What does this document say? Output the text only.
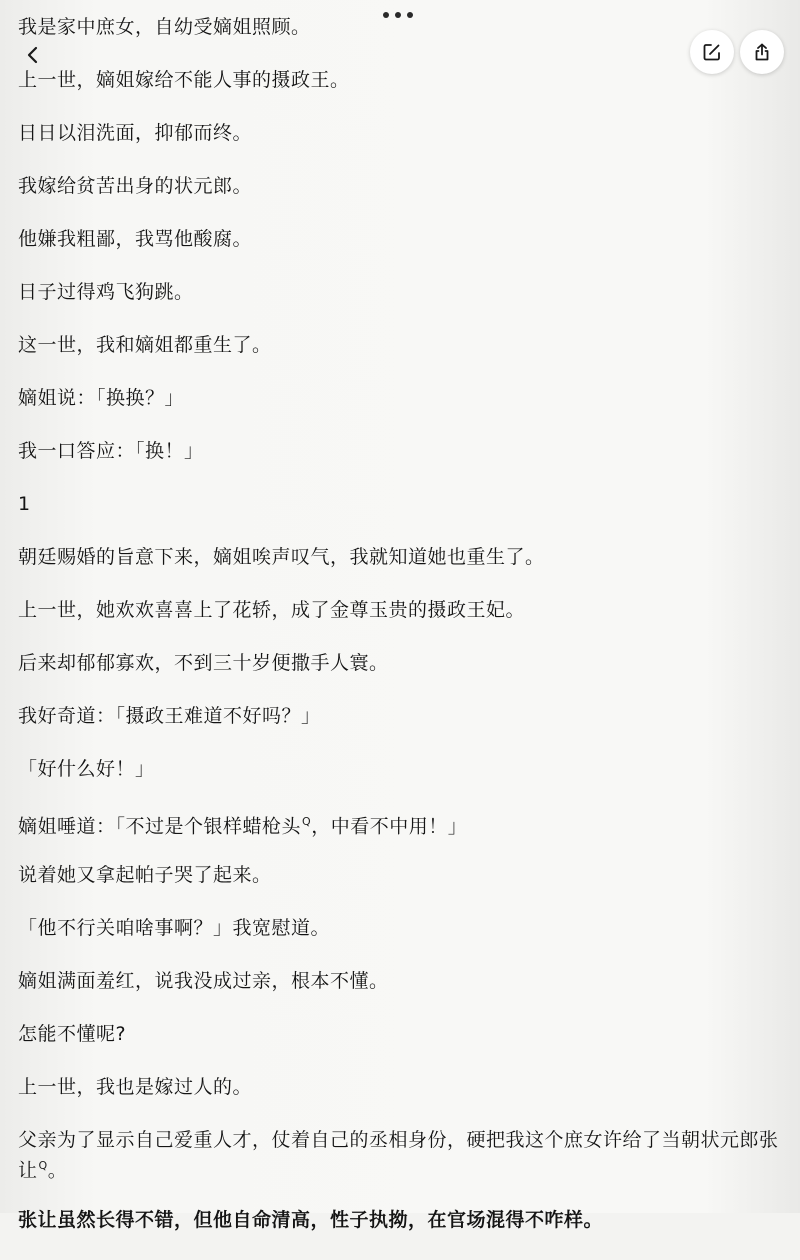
我是家中庶女，自幼受嫡姐照顾。

上一世，嫡姐嫁给不能人事的摄政王。

日日以泪洗面，抑郁而终。

我嫁给贫苦出身的状元郎。

他嫌我粗鄙，我骂他酸腐。

日子过得鸡飞狗跳。

这一世，我和嫡姐都重生了。

嫡姐说：「换换？」

我一口答应：「换！」

1

朝廷赐婚的旨意下来，嫡姐唉声叹气，我就知道她也重生了。

上一世，她欢欢喜喜上了花轿，成了金尊玉贵的摄政王妃。

后来却郁郁寡欢，不到三十岁便撒手人寰。

我好奇道：「摄政王难道不好吗？」

「好什么好！」

嫡姐唾道：「不过是个银样蜡枪头$^Q$，中看不中用！」

说着她又拿起帕子哭了起来。

「他不行关咱啥事啊？」我宽慰道。

嫡姐满面羞红，说我没成过亲，根本不懂。

怎能不懂呢?

上一世，我也是嫁过人的。

父亲为了显示自己爱重人才，仗着自己的丞相身份，硬把我这个庶女许给了当朝状元郎张让$^Q$。

张让虽然长得不错，但他自命清高，性子执拗，在官场混得不咋样。
